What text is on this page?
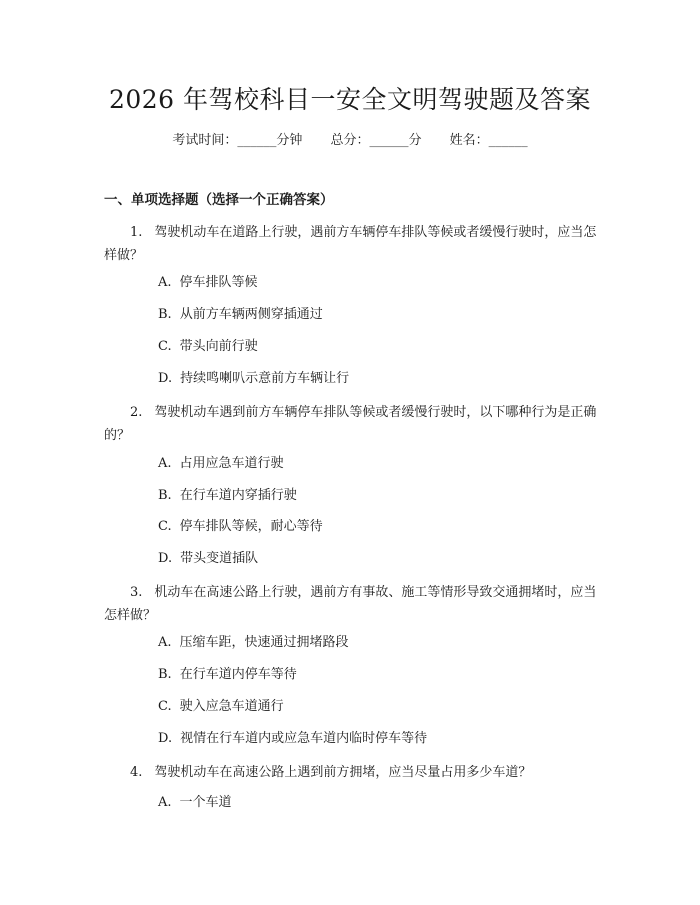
2026 年驾校科目一安全文明驾驶题及答案
考试时间：______分钟 总分：______分 姓名：______
一、单项选择题（选择一个正确答案）
1. 驾驶机动车在道路上行驶，遇前方车辆停车排队等候或者缓慢行驶时，应当怎样做？
A. 停车排队等候
B. 从前方车辆两侧穿插通过
C. 带头向前行驶
D. 持续鸣喇叭示意前方车辆让行
2. 驾驶机动车遇到前方车辆停车排队等候或者缓慢行驶时，以下哪种行为是正确的？
A. 占用应急车道行驶
B. 在行车道内穿插行驶
C. 停车排队等候，耐心等待
D. 带头变道插队
3. 机动车在高速公路上行驶，遇前方有事故、施工等情形导致交通拥堵时，应当怎样做？
A. 压缩车距，快速通过拥堵路段
B. 在行车道内停车等待
C. 驶入应急车道通行
D. 视情在行车道内或应急车道内临时停车等待
4. 驾驶机动车在高速公路上遇到前方拥堵，应当尽量占用多少车道？
A. 一个车道
